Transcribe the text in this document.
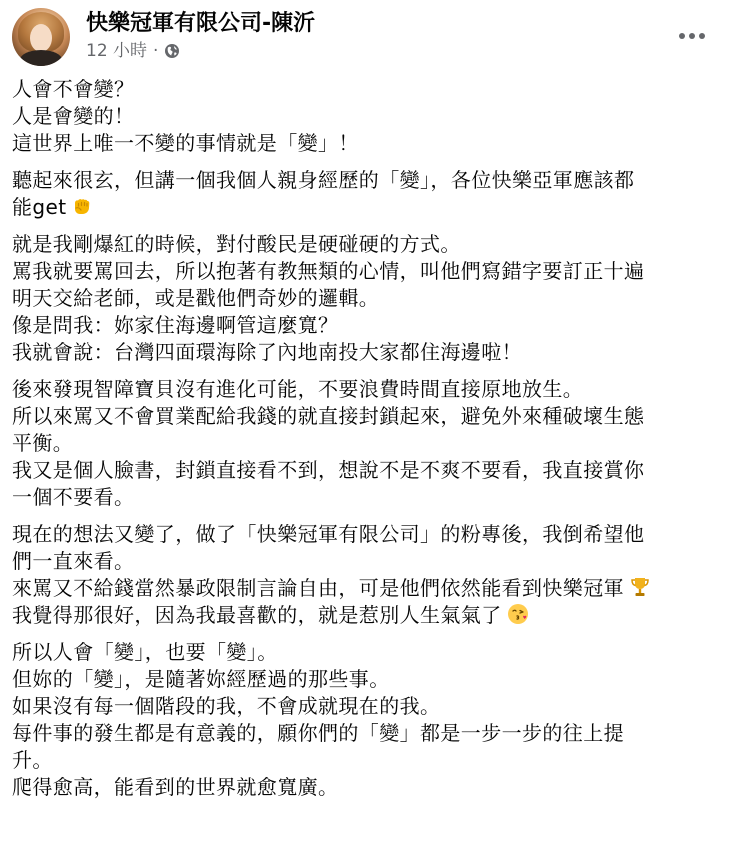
快樂冠軍有限公司-陳沂
12 小時 ·
人會不會變？
人是會變的！
這世界上唯一不變的事情就是「變」！
聽起來很玄，但講一個我個人親身經歷的「變」，各位快樂亞軍應該都
能get
就是我剛爆紅的時候，對付酸民是硬碰硬的方式。
罵我就要罵回去，所以抱著有教無類的心情，叫他們寫錯字要訂正十遍
明天交給老師，或是戳他們奇妙的邏輯。
像是問我：妳家住海邊啊管這麼寬？
我就會說：台灣四面環海除了內地南投大家都住海邊啦！
後來發現智障寶貝沒有進化可能，不要浪費時間直接原地放生。
所以來罵又不會買業配給我錢的就直接封鎖起來，避免外來種破壞生態
平衡。
我又是個人臉書，封鎖直接看不到，想說不是不爽不要看，我直接賞你
一個不要看。
現在的想法又變了，做了「快樂冠軍有限公司」的粉專後，我倒希望他
們一直來看。
來罵又不給錢當然暴政限制言論自由，可是他們依然能看到快樂冠軍
我覺得那很好，因為我最喜歡的，就是惹別人生氣氣了
所以人會「變」，也要「變」。
但妳的「變」，是隨著妳經歷過的那些事。
如果沒有每一個階段的我，不會成就現在的我。
每件事的發生都是有意義的，願你們的「變」都是一步一步的往上提
升。
爬得愈高，能看到的世界就愈寬廣。
